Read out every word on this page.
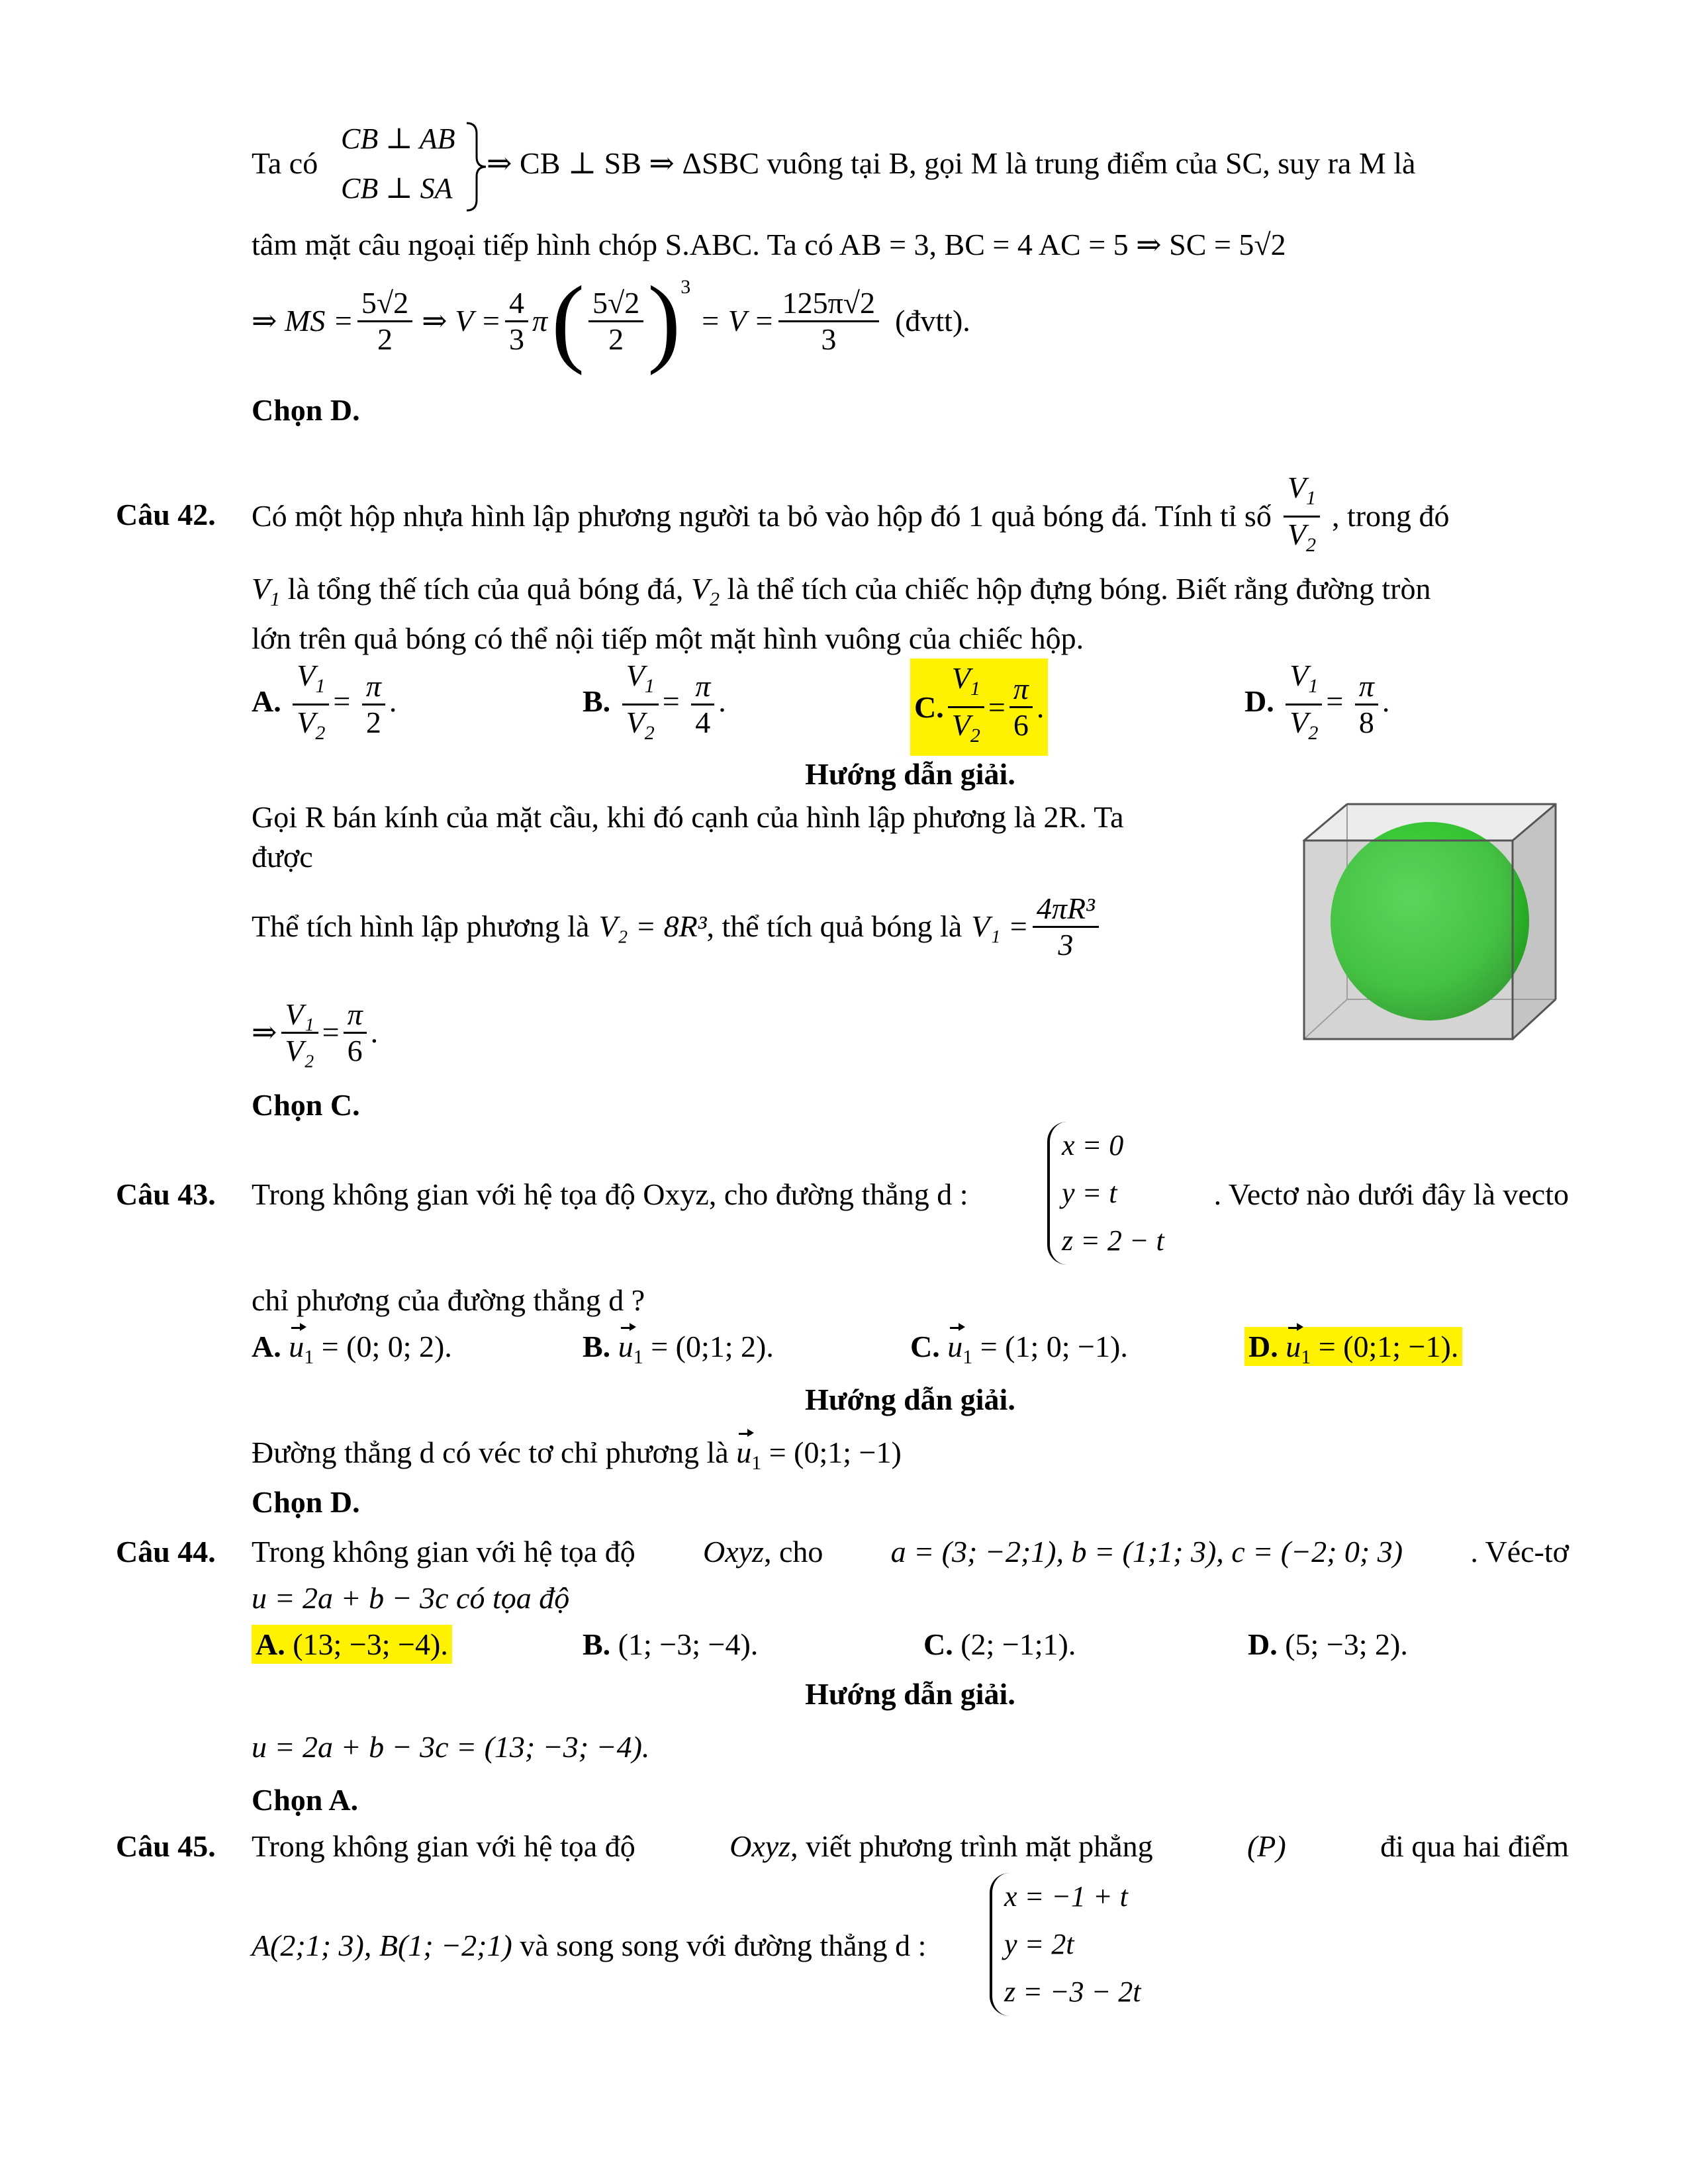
Ta có
CB ⊥ AB
CB ⊥ SA
⇒ CB ⊥ SB ⇒ ΔSBC vuông tại B, gọi M là trung điểm của SC, suy ra M là
tâm mặt câu ngoại tiếp hình chóp S.ABC. Ta có AB = 3, BC = 4 AC = 5 ⇒ SC = 5√2
⇒ MS = $\frac{5√2}{2}$ ⇒ $V = \frac{4}{3}$ π ( $\frac{5√2}{2}$ ) 3
= $V = \frac{125\pi√2}{3}$ (đvtt).
Chọn D.
Câu 42. Có một hộp nhựa hình lập phương người ta bỏ vào hộp đó 1 quả bóng đá. Tính tỉ số $\frac{V_1}{V_2}$ , trong đó
$V_1$ là tổng thế tích của quả bóng đá, $V_2$ là thể tích của chiếc hộp đựng bóng. Biết rằng đường tròn
lớn trên quả bóng có thể nội tiếp một mặt hình vuông của chiếc hộp.
A. $\frac{V_1}{V_2} = \frac{\pi}{2}$ .	B. $\frac{V_1}{V_2} = \frac{\pi}{4}$ .	C. $\frac{V_1}{V_2} = \frac{\pi}{6}$ .	D. $\frac{V_1}{V_2} = \frac{\pi}{8}$ .
Hướng dẫn giải.
Gọi R bán kính của mặt cầu, khi đó cạnh của hình lập phương là 2R. Ta
được
Thể tích hình lập phương là V₂ = 8R³ , thể tích quả bóng là $V_1 = \frac{\text{4πR³}}{3}$
⇒ $\frac{\text{V₁}}{\text{V₂}} = \frac{\pi}{6}$ .
Chọn C.
Câu 43. Trong không gian với hệ tọa độ Oxyz, cho đường thẳng d :
x = 0
y = t
z = 2 − t
. Vectơ nào dưới đây là vecto
chỉ phương của đường thẳng d ?
A. $u_1 = (0$; 0; 2).	B. $u_1$ = (0;1; 2).	C. $u_1 = (1$; 0; −1).	D. $u_1$ = (0;1; −1).
Hướng dẫn giải.
Đường thẳng d có véc tơ chỉ phương là $u_1$ = (0;1; −1)
Chọn D.
Câu 44. Trong không gian với hệ tọa độ Oxyz, cho a = (3; −2;1), b = (1;1; 3), c = (−2; 0; 3) . Véc-tơ
u = 2a + b − 3c có tọa độ
A. (13; −3; −4).	B. (1; −3; −4).	C. (2; −1;1).	D. (5; −3; 2).
Hướng dẫn giải.
u = 2a + b − 3c = (13; −3; −4).
Chọn A.
Câu 45. Trong không gian với hệ tọa độ	Oxyz, viết phương trình mặt phẳng	(P)	đi qua hai điểm
A(2;1; 3), B(1; −2;1) và song song với đường thẳng d :
x = −1 + t
y = 2t
z = −3 − 2t
